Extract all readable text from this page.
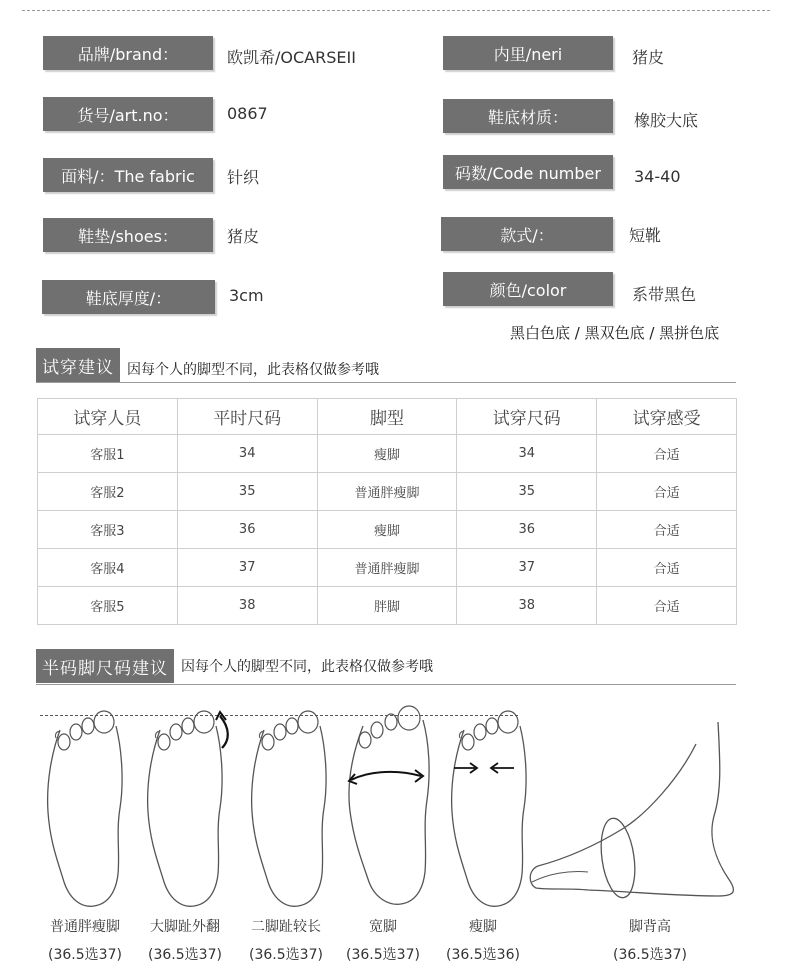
品牌/brand：	欧凯希/OCARSEII	内里/neri	猪皮
货号/art.no：	0867	鞋底材质：	橡胶大底
面料/：The fabric	针织	码数/Code number	34-40
鞋垫/shoes：	猪皮	款式/：	短靴
鞋底厚度/：	3cm	颜色/color	系带黑色
黑白色底 / 黑双色底 / 黑拼色底
试穿建议 因每个人的脚型不同，此表格仅做参考哦
试穿人员	平时尺码	脚型	试穿尺码	试穿感受
客服1	34	瘦脚	34	合适
客服2	35	普通胖瘦脚	35	合适
客服3	36	瘦脚	36	合适
客服4	37	普通胖瘦脚	37	合适
客服5	38	胖脚	38	合适
半码脚尺码建议 因每个人的脚型不同，此表格仅做参考哦
普通胖瘦脚
(36.5选37)
大脚趾外翻
(36.5选37)
二脚趾较长
(36.5选37)
宽脚
(36.5选37)
瘦脚
(36.5选36)
脚背高
(36.5选37)
